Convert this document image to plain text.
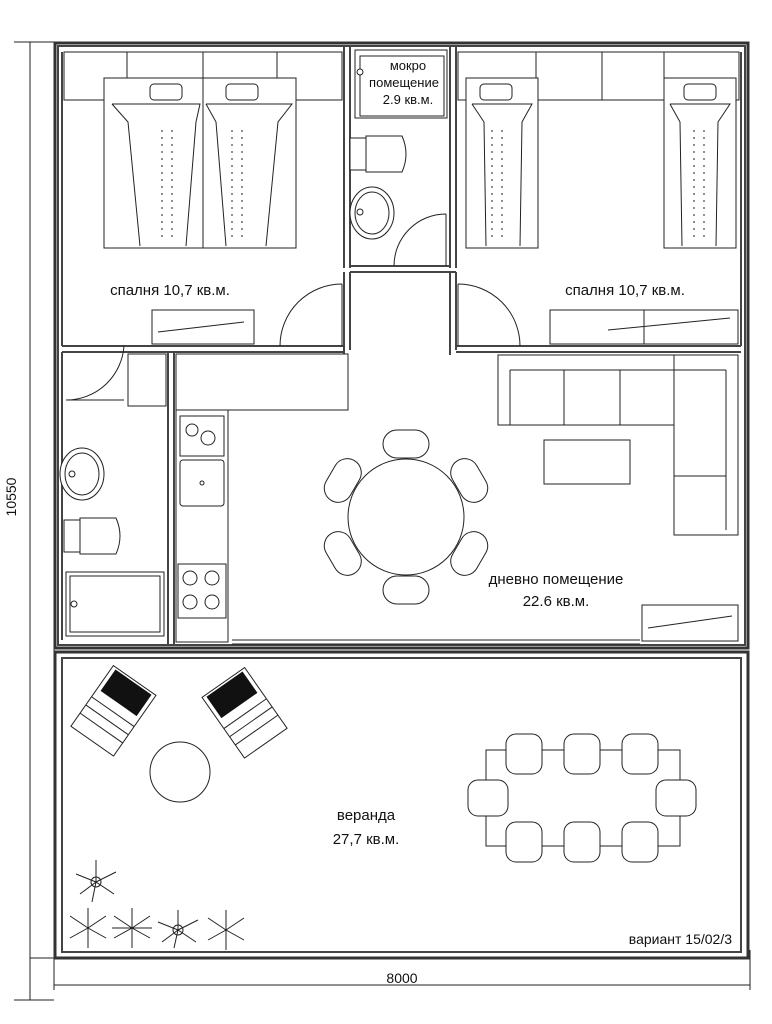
10550
8000
спалня 10,7 кв.м.
мокро
помещение
2.9 кв.м.
спалня 10,7 кв.м.
дневно помещение
22.6 кв.м.
веранда
27,7 кв.м.
вариант 15/02/3
